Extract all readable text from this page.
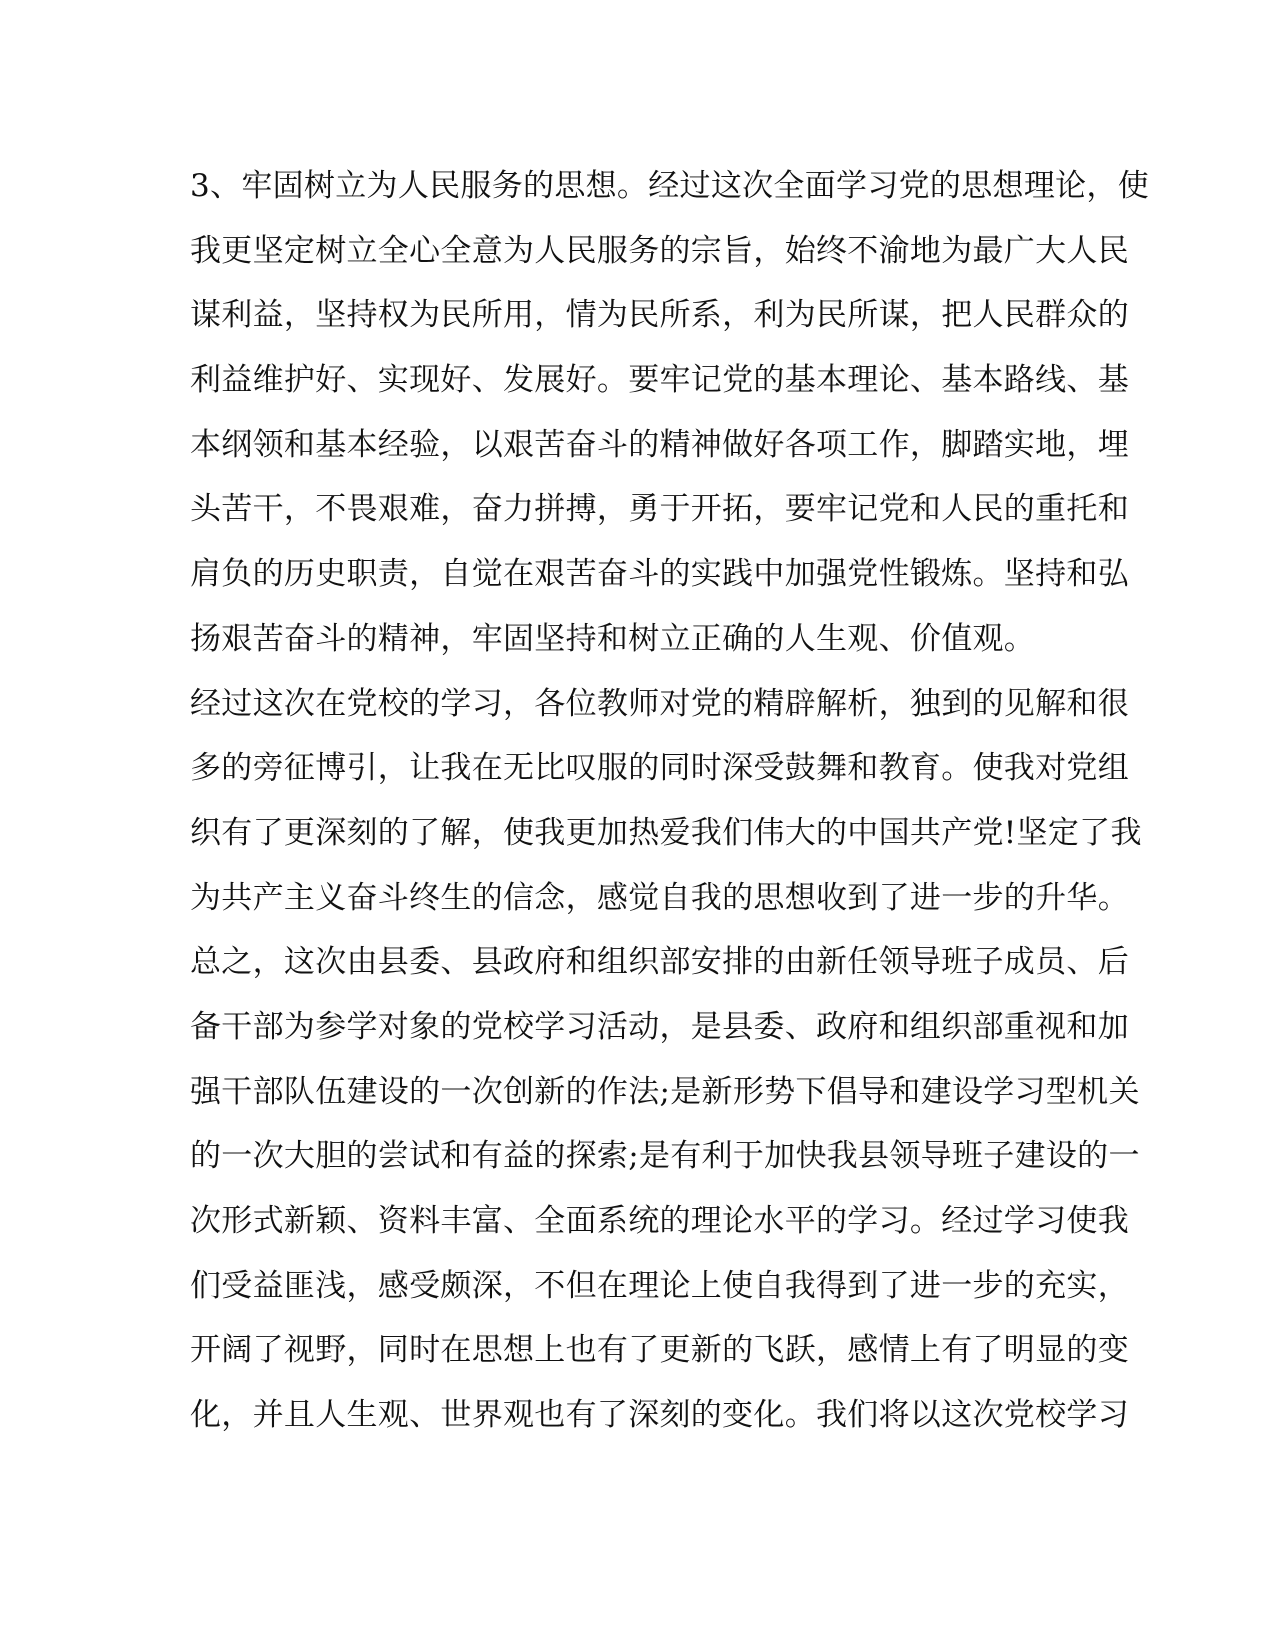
3、牢固树立为人民服务的思想。经过这次全面学习党的思想理论，使
我更坚定树立全心全意为人民服务的宗旨，始终不渝地为最广大人民
谋利益，坚持权为民所用，情为民所系，利为民所谋，把人民群众的
利益维护好、实现好、发展好。要牢记党的基本理论、基本路线、基
本纲领和基本经验，以艰苦奋斗的精神做好各项工作，脚踏实地，埋
头苦干，不畏艰难，奋力拼搏，勇于开拓，要牢记党和人民的重托和
肩负的历史职责，自觉在艰苦奋斗的实践中加强党性锻炼。坚持和弘
扬艰苦奋斗的精神，牢固坚持和树立正确的人生观、价值观。
经过这次在党校的学习，各位教师对党的精辟解析，独到的见解和很
多的旁征博引，让我在无比叹服的同时深受鼓舞和教育。使我对党组
织有了更深刻的了解，使我更加热爱我们伟大的中国共产党!坚定了我
为共产主义奋斗终生的信念，感觉自我的思想收到了进一步的升华。
总之，这次由县委、县政府和组织部安排的由新任领导班子成员、后
备干部为参学对象的党校学习活动，是县委、政府和组织部重视和加
强干部队伍建设的一次创新的作法;是新形势下倡导和建设学习型机关
的一次大胆的尝试和有益的探索;是有利于加快我县领导班子建设的一
次形式新颖、资料丰富、全面系统的理论水平的学习。经过学习使我
们受益匪浅，感受颇深，不但在理论上使自我得到了进一步的充实，
开阔了视野，同时在思想上也有了更新的飞跃，感情上有了明显的变
化，并且人生观、世界观也有了深刻的变化。我们将以这次党校学习
